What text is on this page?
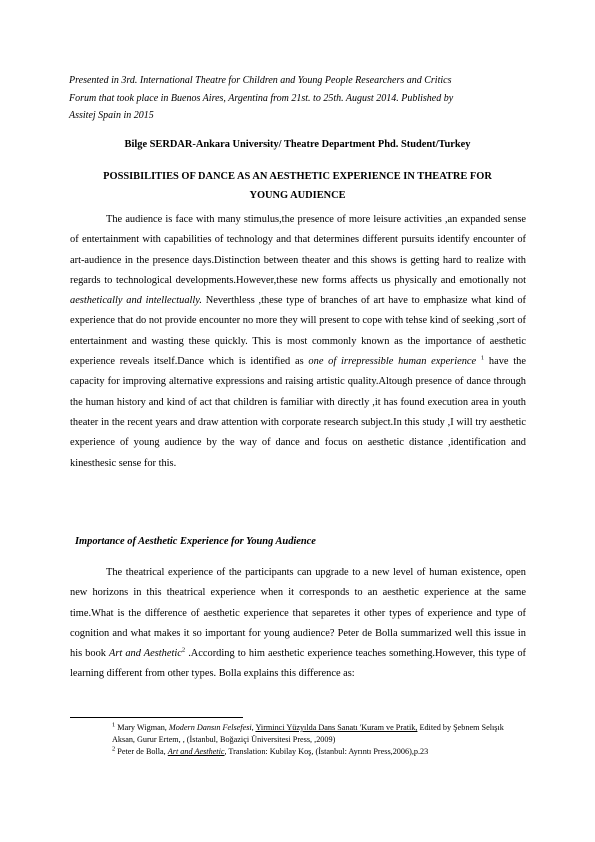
Presented in 3rd. International Theatre for Children and Young People Researchers and Critics
Forum that took place in Buenos Aires, Argentina from 21st. to 25th. August 2014. Published by
Assitej Spain in 2015
Bilge SERDAR-Ankara University/ Theatre Department Phd. Student/Turkey
POSSIBILITIES OF DANCE AS AN AESTHETIC EXPERIENCE IN THEATRE FOR
YOUNG AUDIENCE
The audience is face with many stimulus,the presence of more leisure activities ,an expanded sense of entertainment with capabilities of technology and that determines different pursuits identify encounter of art-audience in the presence days.Distinction between theater and this shows is getting hard to realize with regards to technological developments.However,these new forms affects us physically and emotionally not aesthetically and intellectually. Neverthless ,these type of branches of art have to emphasize what kind of experience that do not provide encounter no more they will present to cope with tehse kind of seeking ,sort of entertainment and wasting these quickly. This is most commonly known as the importance of aesthetic experience reveals itself.Dance which is identified as one of irrepressible human experience $^1$ have the capacity for improving alternative expressions and raising artistic quality.Altough presence of dance through the human history and kind of act that children is familiar with directly ,it has found execution area in youth theater in the recent years and draw attention with corporate research subject.In this study ,I will try aesthetic experience of young audience by the way of dance and focus on aesthetic distance ,identification and kinesthesic sense for this.
Importance of Aesthetic Experience for Young Audience
The theatrical experience of the participants can upgrade to a new level of human existence, open new horizons in this theatrical experience when it corresponds to an aesthetic experience at the same time.What is the difference of aesthetic experience that separetes it other types of experience and type of cognition and what makes it so important for young audience? Peter de Bolla summarized well this issue in his book Art and Aesthetic$^2$ .According to him aesthetic experience teaches something.However, this type of learning different from other types. Bolla explains this difference as:

$^1$ Mary Wigman, Modern Dansın Felsefesi, Yirminci Yüzyılda Dans Sanatı 'Kuram ve Pratik, Edited by Şebnem Selışık Aksan, Gurur Ertem, , (İstanbul, Boğaziçi Üniversitesi Press, ,2009)

$^2$ Peter de Bolla, Art and Aesthetic, Translation: Kubilay Koş, (İstanbul: Ayrıntı Press,2006),p.23
